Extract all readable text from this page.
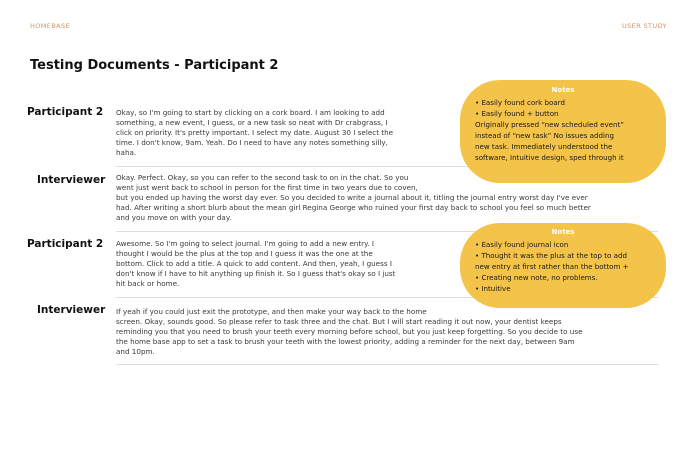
HOMEBASE	USER STUDY
Testing Documents - Participant 2
Participant 2 Okay, so I'm going to start by clicking on a cork board. I am looking to add
something, a new event, I guess, or a new task so neat with Dr crabgrass, I
click on priority. It's pretty important. I select my date. August 30 I select the
time. I don't know, 9am. Yeah. Do I need to have any notes something silly,
haha.
Interviewer Okay. Perfect. Okay, so you can refer to the second task to on in the chat. So you
went just went back to school in person for the first time in two years due to coven,
but you ended up having the worst day ever. So you decided to write a journal about it, titling the journal entry worst day I've ever
had. After writing a short blurb about the mean girl Regina George who ruined your first day back to school you feel so much better
and you move on with your day.
Participant 2 Awesome. So I'm going to select journal. I'm going to add a new entry. I
thought I would be the plus at the top and I guess it was the one at the
bottom. Click to add a title. A quick to add content. And then, yeah, I guess I
don't know if I have to hit anything up finish it. So I guess that's okay so I just
hit back or home.
Interviewer If yeah if you could just exit the prototype, and then make your way back to the home
screen. Okay, sounds good. So please refer to task three and the chat. But I will start reading it out now, your dentist keeps
reminding you that you need to brush your teeth every morning before school, but you just keep forgetting. So you decide to use
the home base app to set a task to brush your teeth with the lowest priority, adding a reminder for the next day, between 9am
and 10pm.
Notes
• Easily found cork board
• Easily found + button
Originally pressed “new scheduled event”
instead of “new task” No issues adding
new task. Immediately understood the
software, Intuitive design, sped through it
Notes
• Easily found journal icon
• Thought it was the plus at the top to add
new entry at first rather than the bottom +
• Creating new note, no problems.
• Intuitive
